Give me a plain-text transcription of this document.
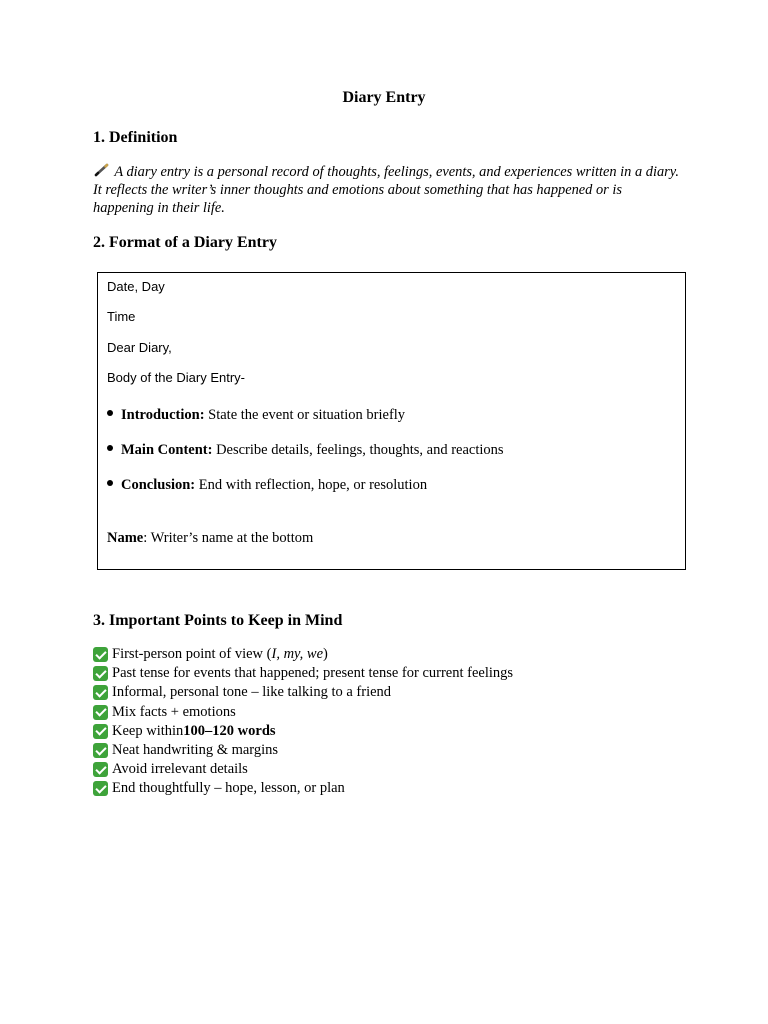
Diary Entry
1. Definition
A diary entry is a personal record of thoughts, feelings, events, and experiences written in a diary. It reflects the writer’s inner thoughts and emotions about something that has happened or is happening in their life.
2. Format of a Diary Entry
Date, Day
Time
Dear Diary,
Body of the Diary Entry-
Introduction: State the event or situation briefly
Main Content: Describe details, feelings, thoughts, and reactions
Conclusion: End with reflection, hope, or resolution
Name: Writer’s name at the bottom
3. Important Points to Keep in Mind
First-person point of view ( I, my, we )
Past tense for events that happened; present tense for current feelings
Informal, personal tone – like talking to a friend
Mix facts + emotions
Keep within 100–120 words
Neat handwriting & margins
Avoid irrelevant details
End thoughtfully – hope, lesson, or plan
